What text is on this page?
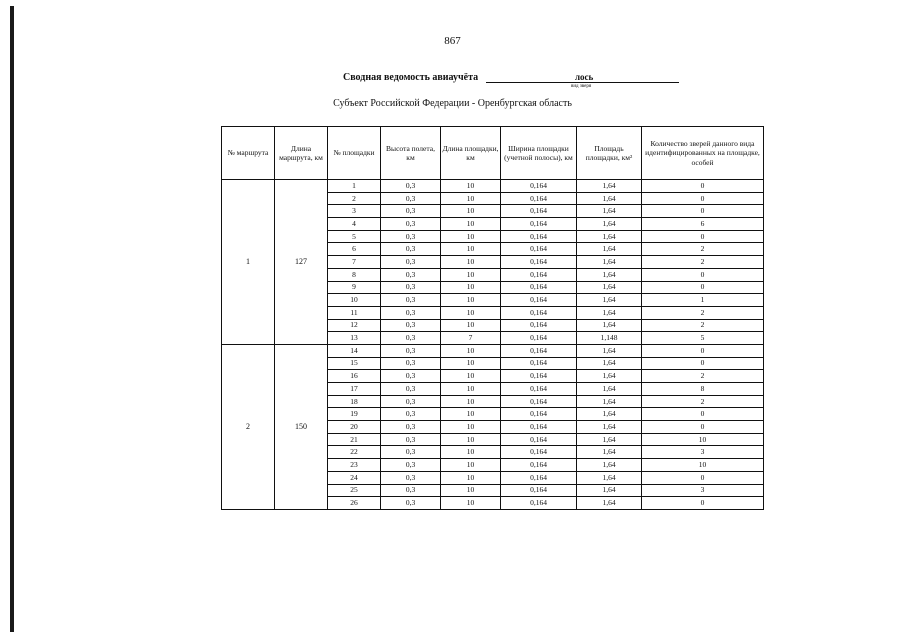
867
Сводная ведомость авиаучёта	лось
вид зверя
Субъект Российской Федерации - Оренбургская область
№ маршрута	Длина маршрута, км	№ площадки	Высота полета, км	Длина площадки, км	Ширина площадки (учетной полосы), км	Площадь площадки, км²	Количество зверей данного вида идентифицированных на площадке, особей
1	127	1	0,3	10	0,164	1,64	0
		2	0,3	10	0,164	1,64	0
		3	0,3	10	0,164	1,64	0
		4	0,3	10	0,164	1,64	6
		5	0,3	10	0,164	1,64	0
		6	0,3	10	0,164	1,64	2
		7	0,3	10	0,164	1,64	2
		8	0,3	10	0,164	1,64	0
		9	0,3	10	0,164	1,64	0
		10	0,3	10	0,164	1,64	1
		11	0,3	10	0,164	1,64	2
		12	0,3	10	0,164	1,64	2
		13	0,3	7	0,164	1,148	5
2	150	14	0,3	10	0,164	1,64	0
		15	0,3	10	0,164	1,64	0
		16	0,3	10	0,164	1,64	2
		17	0,3	10	0,164	1,64	8
		18	0,3	10	0,164	1,64	2
		19	0,3	10	0,164	1,64	0
		20	0,3	10	0,164	1,64	0
		21	0,3	10	0,164	1,64	10
		22	0,3	10	0,164	1,64	3
		23	0,3	10	0,164	1,64	10
		24	0,3	10	0,164	1,64	0
		25	0,3	10	0,164	1,64	3
		26	0,3	10	0,164	1,64	0
